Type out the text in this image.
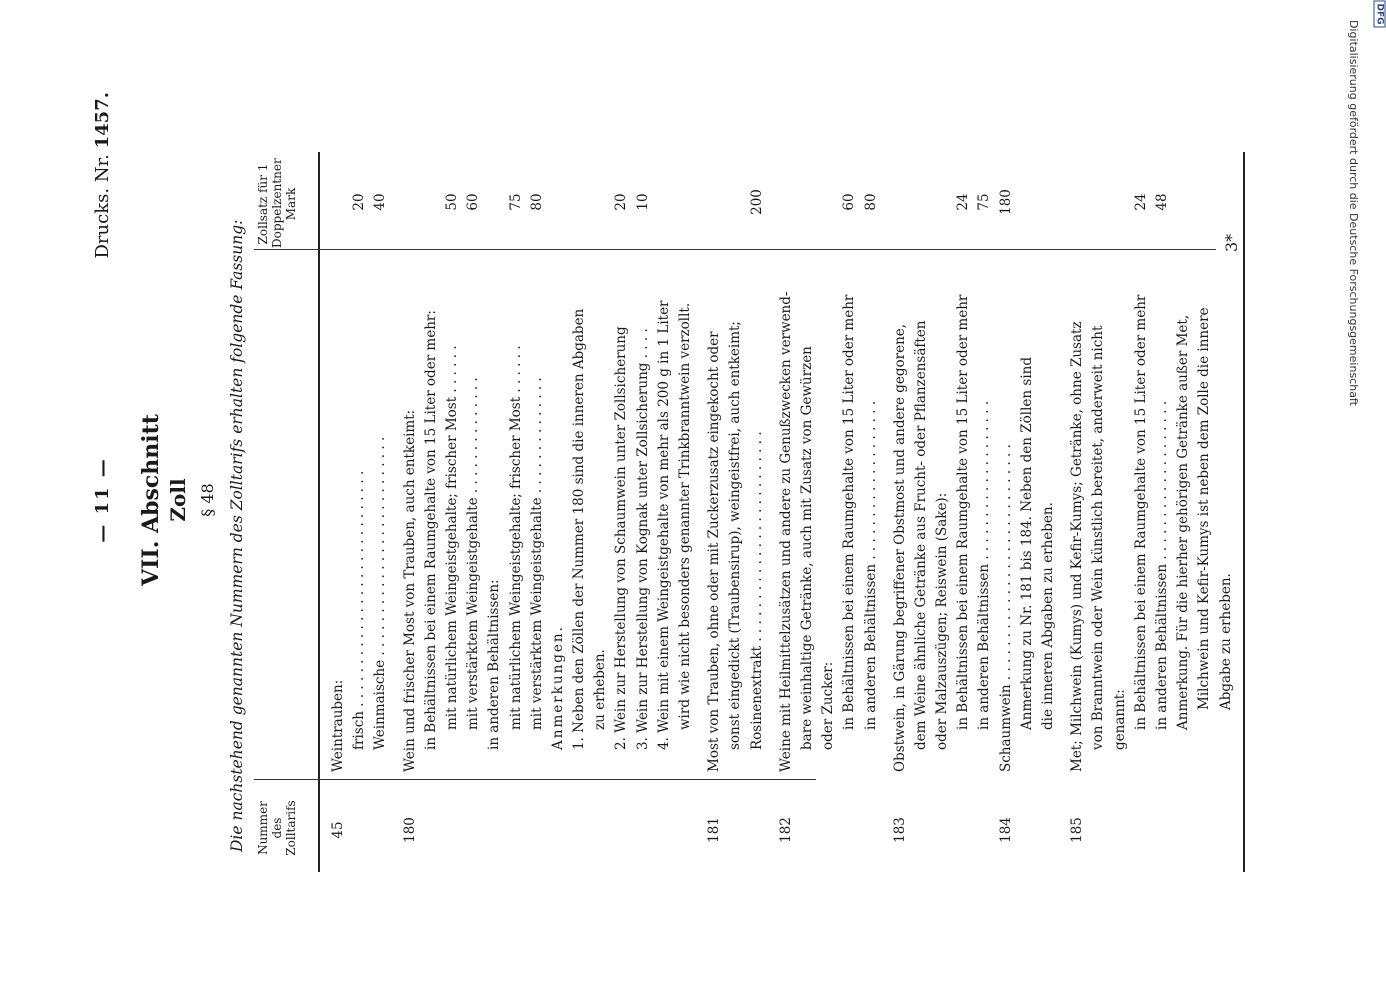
— 11 —
Drucks. Nr. 1457.
VII. Abschnitt Zoll § 48 Die nachstehend genannten Nummern des Zolltarifs erhalten folgende Fassung: Nummer des Zolltarifs
Zollsatz für 1 Doppelzentner Mark
45
Weintrauben: frisch . . . . . . . . . . . . . . . . . . . . . . . . . . . .
20
Weinmaische . . . . . . . . . . . . . . . . . . . . . . . . . .
40
180
Wein und frischer Most von Trauben, auch entkeimt: in Behältnissen bei einem Raumgehalte von 15 Liter oder mehr: mit natürlichem Weingeistgehalte; frischer Most . . . . . .
50
mit verstärktem Weingeistgehalte . . . . . . . . . . . . . .
60
in anderen Behältnissen: mit natürlichem Weingeistgehalte; frischer Most . . . . . .
75
mit verstärktem Weingeistgehalte . . . . . . . . . . . . . .
80
Anmerkungen. 1. Neben den Zöllen der Nummer 180 sind die inneren Abgaben zu erheben. 2. Wein zur Herstellung von Schaumwein unter Zollsicherung
20
3. Wein zur Herstellung von Kognak unter Zollsicherung . . . .
10
4. Wein mit einem Weingeistgehalte von mehr als 200 g in 1 Liter wird wie nicht besonders genannter Trinkbranntwein verzollt.
181
Most von Trauben, ohne oder mit Zuckerzusatz eingekocht oder sonst eingedickt (Traubensirup), weingeistfrei, auch entkeimt; Rosinenextrakt . . . . . . . . . . . . . . . . . . . . . . . . .
200
182
Weine mit Heilmittelzusätzen und andere zu Genußzwecken verwend- bare weinhaltige Getränke, auch mit Zusatz von Gewürzen oder Zucker: in Behältnissen bei einem Raumgehalte von 15 Liter oder mehr
60
in anderen Behältnissen . . . . . . . . . . . . . . . . . . .
80
183
Obstwein, in Gärung begriffener Obstmost und andere gegorene, dem Weine ähnliche Getränke aus Frucht- oder Pflanzensäften oder Malzauszügen; Reiswein (Sake): in Behältnissen bei einem Raumgehalte von 15 Liter oder mehr
24
in anderen Behältnissen . . . . . . . . . . . . . . . . . . .
75
184
Schaumwein . . . . . . . . . . . . . . . . . . . . . . . . . . . .
180
Anmerkung zu Nr. 181 bis 184. Neben den Zöllen sind die inneren Abgaben zu erheben.
185
Met; Milchwein (Kumys) und Kefir-Kumys; Getränke, ohne Zusatz von Branntwein oder Wein künstlich bereitet, anderweit nicht genannt: in Behältnissen bei einem Raumgehalte von 15 Liter oder mehr
24
in anderen Behältnissen . . . . . . . . . . . . . . . . . . .
48
Anmerkung. Für die hierher gehörigen Getränke außer Met, Milchwein und Kefir-Kumys ist neben dem Zolle die innere Abgabe zu erheben.
3*	Digitalisierung gefördert durch die Deutsche Forschungsgemeinschaft
DFG
